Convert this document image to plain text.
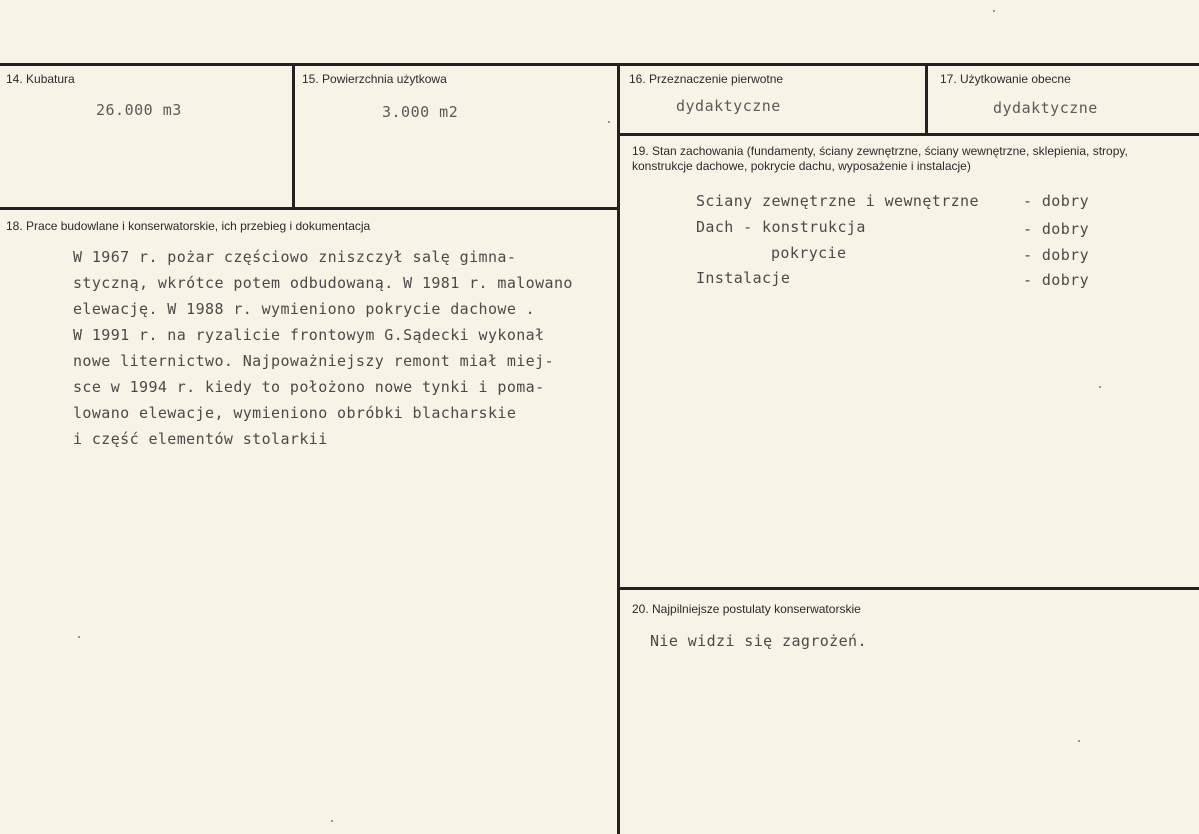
14. Kubatura
26.000 m3
15. Powierzchnia użytkowa
3.000 m2
16. Przeznaczenie pierwotne
dydaktyczne
17. Użytkowanie obecne
dydaktyczne
18. Prace budowlane i konserwatorskie, ich przebieg i dokumentacja
W 1967 r. pożar częściowo zniszczył salę gimna-
styczną, wkrótce potem odbudowaną. W 1981 r. malowano
elewację. W 1988 r. wymieniono pokrycie dachowe .
W 1991 r. na ryzalicie frontowym G.Sądecki wykonał
nowe liternictwo. Najpoważniejszy remont miał miej-
sce w 1994 r. kiedy to położono nowe tynki i poma-
lowano elewacje, wymieniono obróbki blacharskie
i część elementów stolarkii
19. Stan zachowania (fundamenty, ściany zewnętrzne, ściany wewnętrzne, sklepienia, stropy, konstrukcje dachowe, pokrycie dachu, wyposażenie i instalacje)
Sciany zewnętrzne i wewnętrzne	- dobry
Dach - konstrukcja	- dobry
pokrycie	- dobry
Instalacje	- dobry
20. Najpilniejsze postulaty konserwatorskie
Nie widzi się zagrożeń.
